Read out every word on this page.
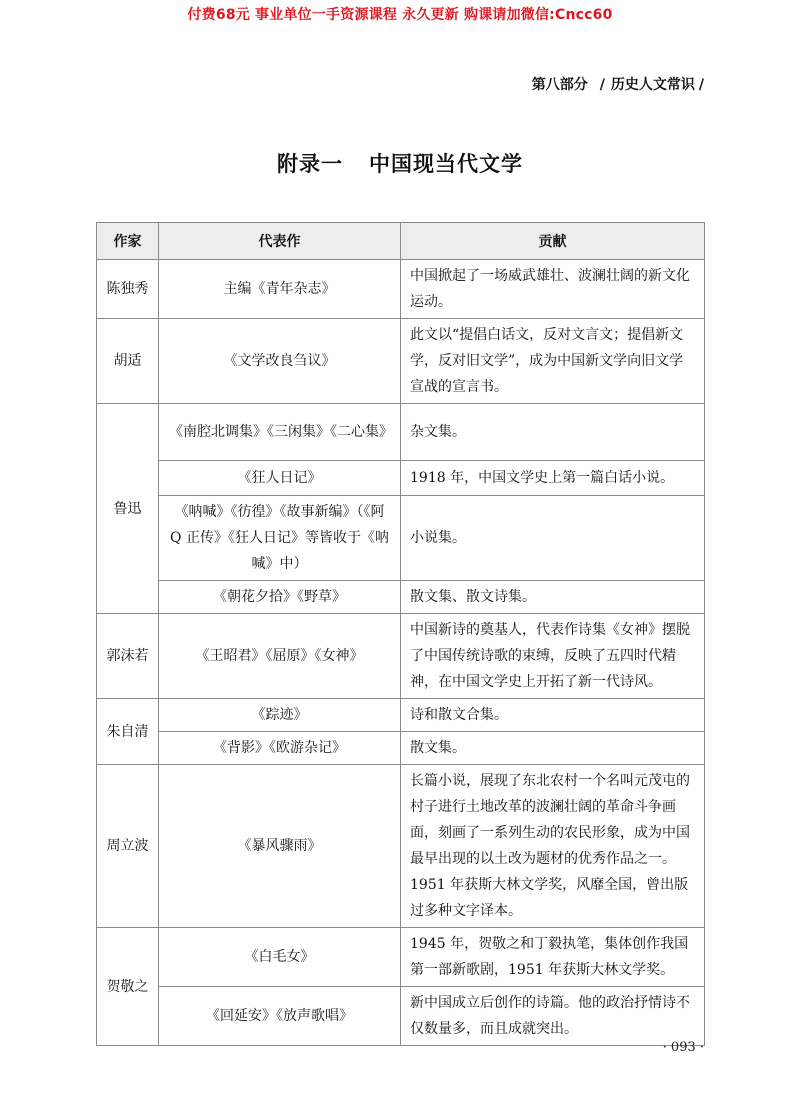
付费68元 事业单位一手资源课程 永久更新 购课请加微信:Cncc60
第八部分 / 历史人文常识 /
附录一 中国现当代文学
作家	代表作	贡献
陈独秀	主编《青年杂志》	中国掀起了一场威武雄壮、波澜壮阔的新文化运动。
胡适	《文学改良刍议》	此文以“提倡白话文，反对文言文；提倡新文学，反对旧文学”，成为中国新文学向旧文学宣战的宣言书。
鲁迅	《南腔北调集》《三闲集》《二心集》	杂文集。
	《狂人日记》	1918 年，中国文学史上第一篇白话小说。
	《呐喊》《彷徨》《故事新编》（《阿 Q 正传》《狂人日记》等皆收于《呐喊》中）	小说集。
	《朝花夕拾》《野草》	散文集、散文诗集。
郭沫若	《王昭君》《屈原》《女神》	中国新诗的奠基人，代表作诗集《女神》摆脱了中国传统诗歌的束缚，反映了五四时代精神，在中国文学史上开拓了新一代诗风。
朱自清	《踪迹》	诗和散文合集。
	《背影》《欧游杂记》	散文集。
周立波	《暴风骤雨》	长篇小说，展现了东北农村一个名叫元茂屯的村子进行土地改革的波澜壮阔的革命斗争画面，刻画了一系列生动的农民形象，成为中国最早出现的以土改为题材的优秀作品之一。1951 年获斯大林文学奖，风靡全国，曾出版过多种文字译本。
贺敬之	《白毛女》	1945 年，贺敬之和丁毅执笔，集体创作我国第一部新歌剧，1951 年获斯大林文学奖。
	《回延安》《放声歌唱》	新中国成立后创作的诗篇。他的政治抒情诗不仅数量多，而且成就突出。
· 093 ·
